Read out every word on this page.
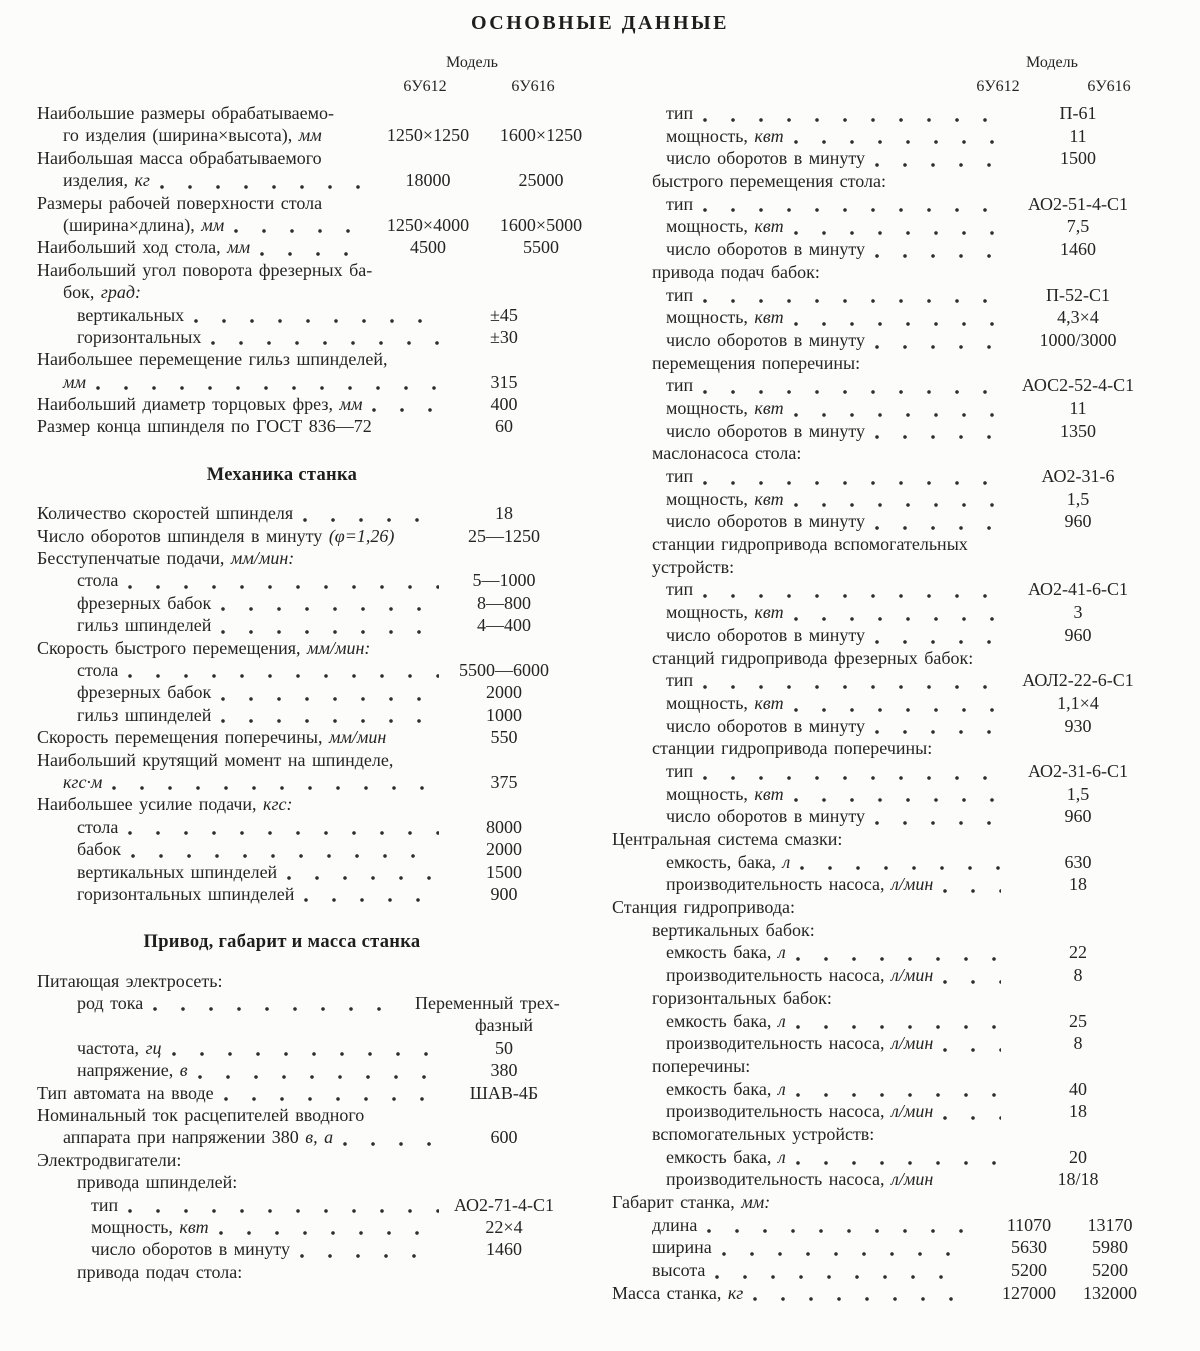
ОСНОВНЫЕ ДАННЫЕ
Модель
6У612	6У616
Наибольшие размеры обрабатываемо-
го изделия (ширина×высота), мм	1250×1250	1600×1250
Наибольшая масса обрабатываемого
изделия, кг	18000	25000
Размеры рабочей поверхности стола
(ширина×длина), мм	1250×4000	1600×5000
Наибольший ход стола, мм	4500	5500
Наибольший угол поворота фрезерных ба-
бок, град:
вертикальных	±45
горизонтальных	±30
Наибольшее перемещение гильз шпинделей,
мм	315
Наибольший диаметр торцовых фрез, мм	400
Размер конца шпинделя по ГОСТ 836—72	60
Механика станка
Количество скоростей шпинделя	18
Число оборотов шпинделя в минуту (φ=1,26)	25—1250
Бесступенчатые подачи, мм/мин:
стола	5—1000
фрезерных бабок	8—800
гильз шпинделей	4—400
Скорость быстрого перемещения, мм/мин:
стола	5500—6000
фрезерных бабок	2000
гильз шпинделей	1000
Скорость перемещения поперечины, мм/мин	550
Наибольший крутящий момент на шпинделе,
кгс·м	375
Наибольшее усилие подачи, кгс:
стола	8000
бабок	2000
вертикальных шпинделей	1500
горизонтальных шпинделей	900
Привод, габарит и масса станка
Питающая электросеть:
род тока	Переменный трех-
фазный
частота, гц	50
напряжение, в	380
Тип автомата на вводе	ШАВ-4Б
Номинальный ток расцепителей вводного
аппарата при напряжении 380 в, а	600
Электродвигатели:
привода шпинделей:
тип	АО2-71-4-С1
мощность, квт	22×4
число оборотов в минуту	1460
привода подач стола:
Модель
6У612	6У616
тип	П-61
мощность, квт	11
число оборотов в минуту	1500
быстрого перемещения стола:
тип	АО2-51-4-С1
мощность, квт	7,5
число оборотов в минуту	1460
привода подач бабок:
тип	П-52-С1
мощность, квт	4,3×4
число оборотов в минуту	1000/3000
перемещения поперечины:
тип	АОС2-52-4-С1
мощность, квт	11
число оборотов в минуту	1350
маслонасоса стола:
тип	АО2-31-6
мощность, квт	1,5
число оборотов в минуту	960
станции гидропривода вспомогательных
устройств:
тип	АО2-41-6-С1
мощность, квт	3
число оборотов в минуту	960
станций гидропривода фрезерных бабок:
тип	АОЛ2-22-6-С1
мощность, квт	1,1×4
число оборотов в минуту	930
станции гидропривода поперечины:
тип	АО2-31-6-С1
мощность, квт	1,5
число оборотов в минуту	960
Центральная система смазки:
емкость, бака, л	630
производительность насоса, л/мин	18
Станция гидропривода:
вертикальных бабок:
емкость бака, л	22
производительность насоса, л/мин	8
горизонтальных бабок:
емкость бака, л	25
производительность насоса, л/мин	8
поперечины:
емкость бака, л	40
производительность насоса, л/мин	18
вспомогательных устройств:
емкость бака, л	20
производительность насоса, л/мин	18/18
Габарит станка, мм:
длина	11070	13170
ширина	5630	5980
высота	5200	5200
Масса станка, кг	127000	132000
